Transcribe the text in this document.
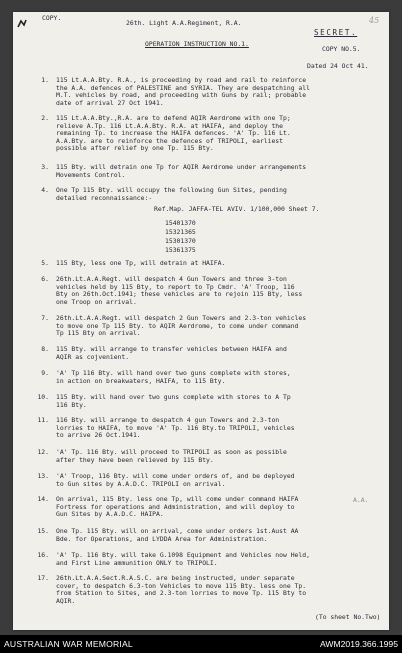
COPY.
26th. Light A.A.Regiment, R.A.
SECRET.
OPERATION INSTRUCTION NO.1.
COPY NO.5.
Dated 24 Oct 41.
45
1. 115 Lt.A.A.Bty. R.A., is proceeding by road and rail to reinforce
the A.A. defences of PALESTINE and SYRIA. They are despatching all
M.T. vehicles by road, and proceeding with Guns by rail; probable
date of arrival 27 Oct 1941.
2. 115 Lt.A.A.Bty.,R.A. are to defend AQIR Aerdrome with one Tp;
relieve A.Tp. 116 Lt.A.A.Bty. R.A. at HAIFA, and deploy the
remaining Tp. to increase the HAIFA defences. 'A' Tp. 116 Lt.
A.A.Bty. are to reinforce the defences of TRIPOLI, earliest
possible after relief by one Tp. 115 Bty.
3. 115 Bty. will detrain one Tp for AQIR Aerdrome under arrangements
Movements Control.
4. One Tp 115 Bty. will occupy the following Gun Sites, pending
detailed reconnaissance:-
Ref.Map. JAFFA-TEL AVIV. 1/100,000 Sheet 7.
15401370
15321365
15301370
15361375
5. 115 Bty, less one Tp, will detrain at HAIFA.
6. 26th.Lt.A.A.Regt. will despatch 4 Gun Towers and three 3-ton
vehicles held by 115 Bty, to report to Tp Cmdr. 'A' Troop, 116
Bty on 26th.Oct.1941; these vehicles are to rejoin 115 Bty, less
one Troop on arrival.
7. 26th.Lt.A.A.Regt. will despatch 2 Gun Towers and 2.3-ton vehicles
to move one Tp 115 Bty. to AQIR Aerdrome, to come under command
Tp 115 Bty on arrival.
8. 115 Bty. will arrange to transfer vehicles between HAIFA and
AQIR as cojvenient.
9. 'A' Tp 116 Bty. will hand over two guns complete with stores,
in action on breakwaters, HAIFA, to 115 Bty.
10. 115 Bty. will hand over two guns complete with stores to A Tp
116 Bty.
11. 116 Bty. will arrange to despatch 4 gun Towers and 2.3-ton
lorries to HAIFA, to move 'A' Tp. 116 Bty.to TRIPOLI, vehicles
to arrive 26 Oct.1941.
12. 'A' Tp. 116 Bty. will proceed to TRIPOLI as soon as possible
after they have been relieved by 115 Bty.
13. 'A' Troop, 116 Bty. will come under orders of, and be deployed
to Gun sites by A.A.D.C. TRIPOLI on arrival.
14. On arrival, 115 Bty. less one Tp, will come under command HAIFA
Fortress for operations and Administration, and will deploy to
Gun Sites by A.A.D.C. HAIPA.
A.A.
15. One Tp. 115 Bty. will on arrival, come under orders 1st.Aust AA
Bde. for Operations, and LYDDA Area for Administration.
16. 'A' Tp. 116 Bty. will take G.1098 Equipment and Vehicles now Held,
and First Line ammunition ONLY to TRIPOLI.
17. 26th.Lt.A.A.Sect.R.A.S.C. are being instructed, under separate
cover, to despatch 6.3-ton Vehicles to move 115 Bty. less one Tp.
from Station to Sites, and 2.3-ton lorries to move Tp. 115 Bty to
AQIR.
(To sheet No.Two)
AUSTRALIAN WAR MEMORIAL	AWM2019.366.1995
